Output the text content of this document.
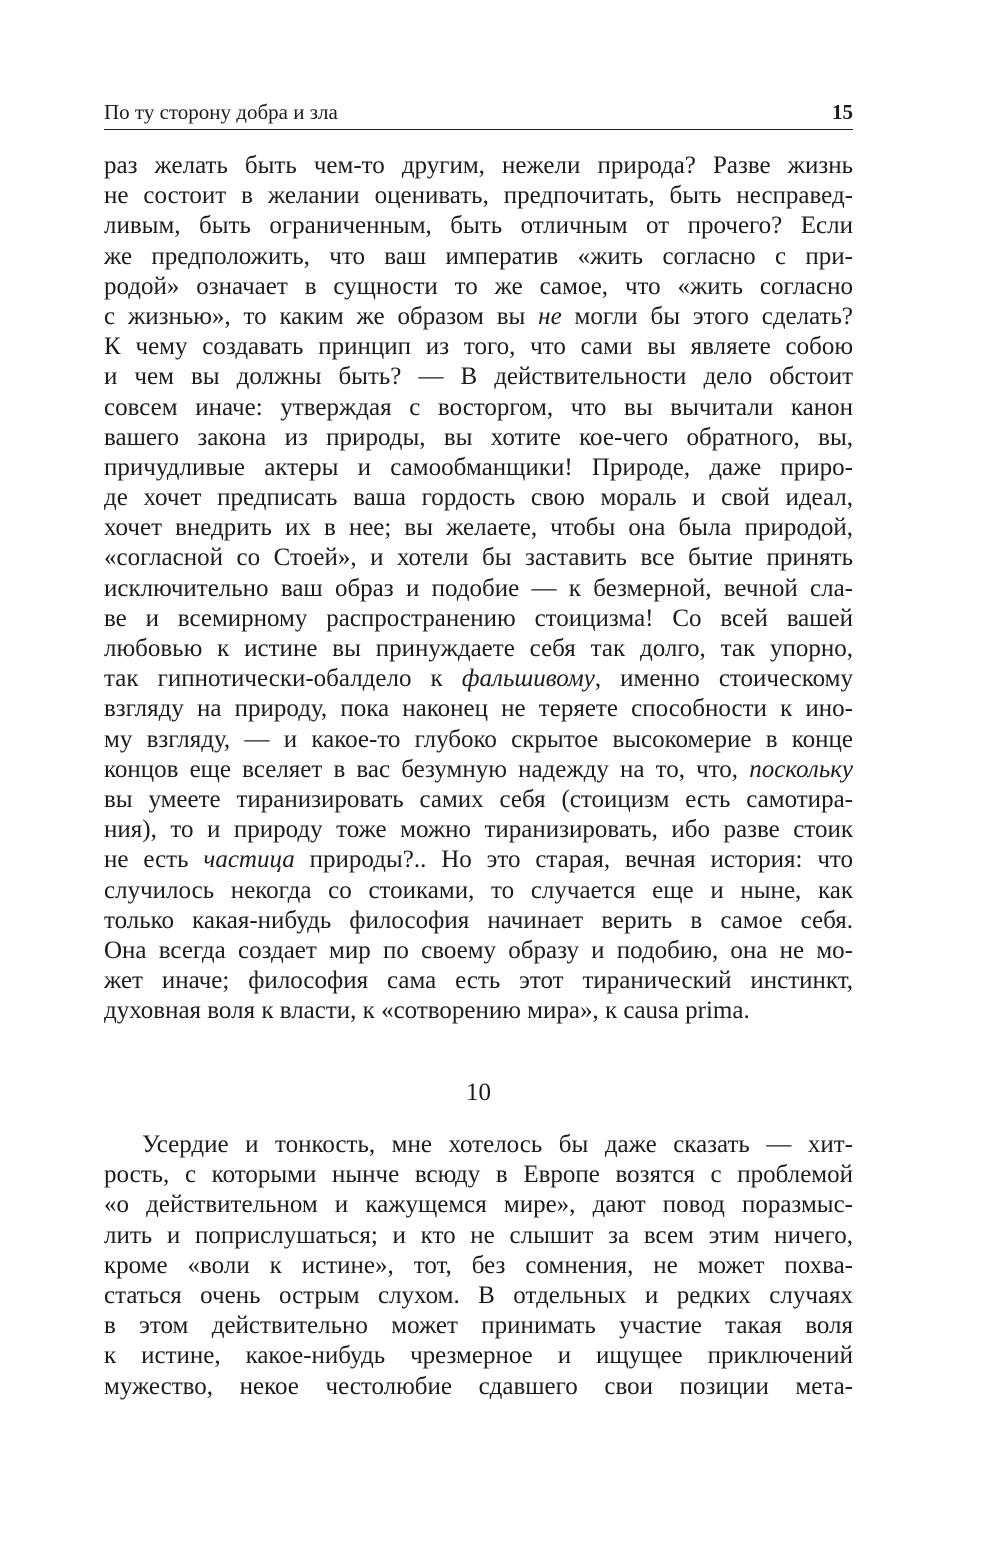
По ту сторону добра и зла	15
раз желать быть чем-то другим, нежели природа? Разве жизнь
не состоит в желании оценивать, предпочитать, быть несправед-
ливым, быть ограниченным, быть отличным от прочего? Если
же предположить, что ваш императив «жить согласно с при-
родой» означает в сущности то же самое, что «жить согласно
с жизнью», то каким же образом вы не могли бы этого сделать?
К чему создавать принцип из того, что сами вы являете собою
и чем вы должны быть? — В действительности дело обстоит
совсем иначе: утверждая с восторгом, что вы вычитали канон
вашего закона из природы, вы хотите кое-чего обратного, вы,
причудливые актеры и самообманщики! Природе, даже приро-
де хочет предписать ваша гордость свою мораль и свой идеал,
хочет внедрить их в нее; вы желаете, чтобы она была природой,
«согласной со Стоей», и хотели бы заставить все бытие принять
исключительно ваш образ и подобие — к безмерной, вечной сла-
ве и всемирному распространению стоицизма! Со всей вашей
любовью к истине вы принуждаете себя так долго, так упорно,
так гипнотически-обалдело к фальшивому, именно стоическому
взгляду на природу, пока наконец не теряете способности к ино-
му взгляду, — и какое-то глубоко скрытое высокомерие в конце
концов еще вселяет в вас безумную надежду на то, что, поскольку
вы умеете тиранизировать самих себя (стоицизм есть самотира-
ния), то и природу тоже можно тиранизировать, ибо разве стоик
не есть частица природы?.. Но это старая, вечная история: что
случилось некогда со стоиками, то случается еще и ныне, как
только какая-нибудь философия начинает верить в самое себя.
Она всегда создает мир по своему образу и подобию, она не мо-
жет иначе; философия сама есть этот тиранический инстинкт,
духовная воля к власти, к «сотворению мира», к causa prima.
10
Усердие и тонкость, мне хотелось бы даже сказать — хит-
рость, с которыми нынче всюду в Европе возятся с проблемой
«о действительном и кажущемся мире», дают повод поразмыс-
лить и поприслушаться; и кто не слышит за всем этим ничего,
кроме «воли к истине», тот, без сомнения, не может похва-
статься очень острым слухом. В отдельных и редких случаях
в этом действительно может принимать участие такая воля
к истине, какое-нибудь чрезмерное и ищущее приключений
мужество, некое честолюбие сдавшего свои позиции мета-
